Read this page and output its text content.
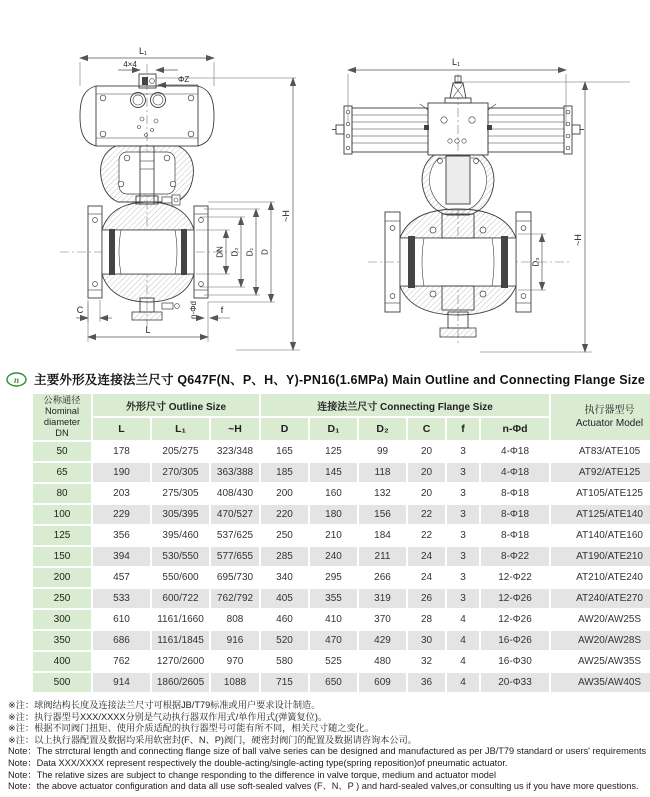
L₁
4×4
ΦZ
DN D₂ D₁ D
~H
C	n-Φd	f
L
L₁
D₃
~H
n 主要外形及连接法兰尺寸 Q647F(N、P、H、Y)-PN16(1.6MPa) Main Outline and Connecting Flange Size
公称通径
Nominal
diameter
DN	外形尺寸 Outline Size			连接法兰尺寸 Connecting Flange Size						执行器型号
Actuator Model
	L	L₁	~H	D	D₁	D₂	C	f	n-Φd	
50	178	205/275	323/348	165	125	99	20	3	4-Φ18	AT83/ATE105
65	190	270/305	363/388	185	145	118	20	3	4-Φ18	AT92/ATE125
80	203	275/305	408/430	200	160	132	20	3	8-Φ18	AT105/ATE125
100	229	305/395	470/527	220	180	156	22	3	8-Φ18	AT125/ATE140
125	356	395/460	537/625	250	210	184	22	3	8-Φ18	AT140/ATE160
150	394	530/550	577/655	285	240	211	24	3	8-Φ22	AT190/ATE210
200	457	550/600	695/730	340	295	266	24	3	12-Φ22	AT210/ATE240
250	533	600/722	762/792	405	355	319	26	3	12-Φ26	AT240/ATE270
300	610	1161/1660	808	460	410	370	28	4	12-Φ26	AW20/AW25S
350	686	1161/1845	916	520	470	429	30	4	16-Φ26	AW20/AW28S
400	762	1270/2600	970	580	525	480	32	4	16-Φ30	AW25/AW35S
500	914	1860/2605	1088	715	650	609	36	4	20-Φ33	AW35/AW40S
※注：球阀结构长度及连接法兰尺寸可根据JB/T79标准或用户要求设计制造。
※注：执行器型号XXX/XXXX分别是气动执行器双作用式/单作用式(弹簧复位)。
※注：根据不同阀门扭矩、使用介质适配的执行器型号可能有所不同，相关尺寸随之变化。
※注：以上执行器配置及数据均采用软密封(F、N、P)阀门，硬密封阀门的配置及数据请咨询本公司。
Note：The strrctural length and connecting flange size of ball valve series can be designed and manufactured as per JB/T79 standard or users' requirements
Note：Data XXX/XXXX represent respectively the double-acting/single-acting type(spring reposition)of pneumatic actuator.
Note：The relative sizes are subject to change responding to the difference in valve torque, medium and actuator model
Note：the above actuator configuration and data all use soft-sealed valves (F、N、P ) and hard-sealed valves,or consulting us if you have more questions.
